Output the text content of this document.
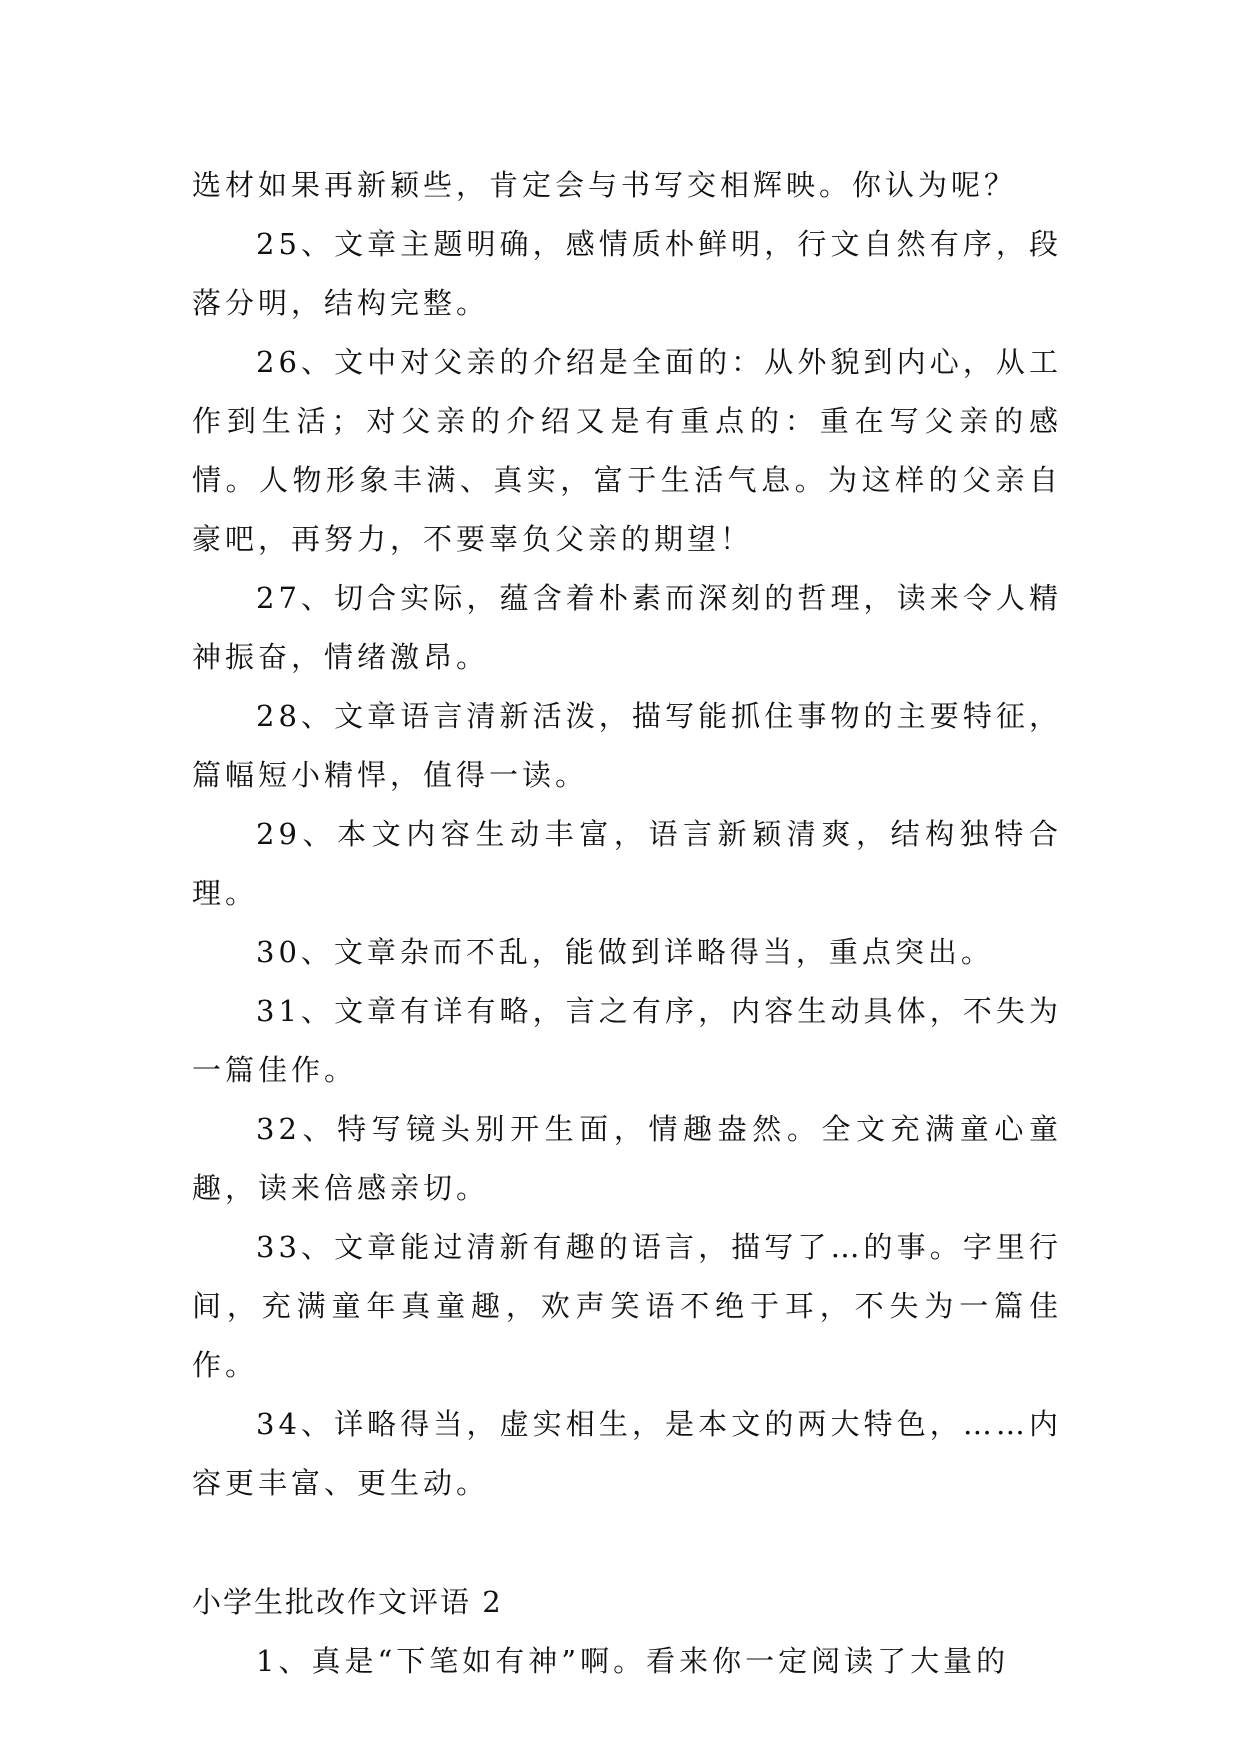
选材如果再新颖些，肯定会与书写交相辉映。你认为呢？

25、文章主题明确，感情质朴鲜明，行文自然有序，段落分明，结构完整。

26、文中对父亲的介绍是全面的：从外貌到内心，从工作到生活；对父亲的介绍又是有重点的：重在写父亲的感情。人物形象丰满、真实，富于生活气息。为这样的父亲自豪吧，再努力，不要辜负父亲的期望！

27、切合实际，蕴含着朴素而深刻的哲理，读来令人精神振奋，情绪激昂。

28、文章语言清新活泼，描写能抓住事物的主要特征，篇幅短小精悍，值得一读。

29、本文内容生动丰富，语言新颖清爽，结构独特合理。

30、文章杂而不乱，能做到详略得当，重点突出。

31、文章有详有略，言之有序，内容生动具体，不失为一篇佳作。

32、特写镜头别开生面，情趣盎然。全文充满童心童趣，读来倍感亲切。

33、文章能过清新有趣的语言，描写了…的事。字里行间，充满童年真童趣，欢声笑语不绝于耳，不失为一篇佳作。

34、详略得当，虚实相生，是本文的两大特色，……内容更丰富、更生动。

小学生批改作文评语 2

1、真是“下笔如有神”啊。看来你一定阅读了大量的
